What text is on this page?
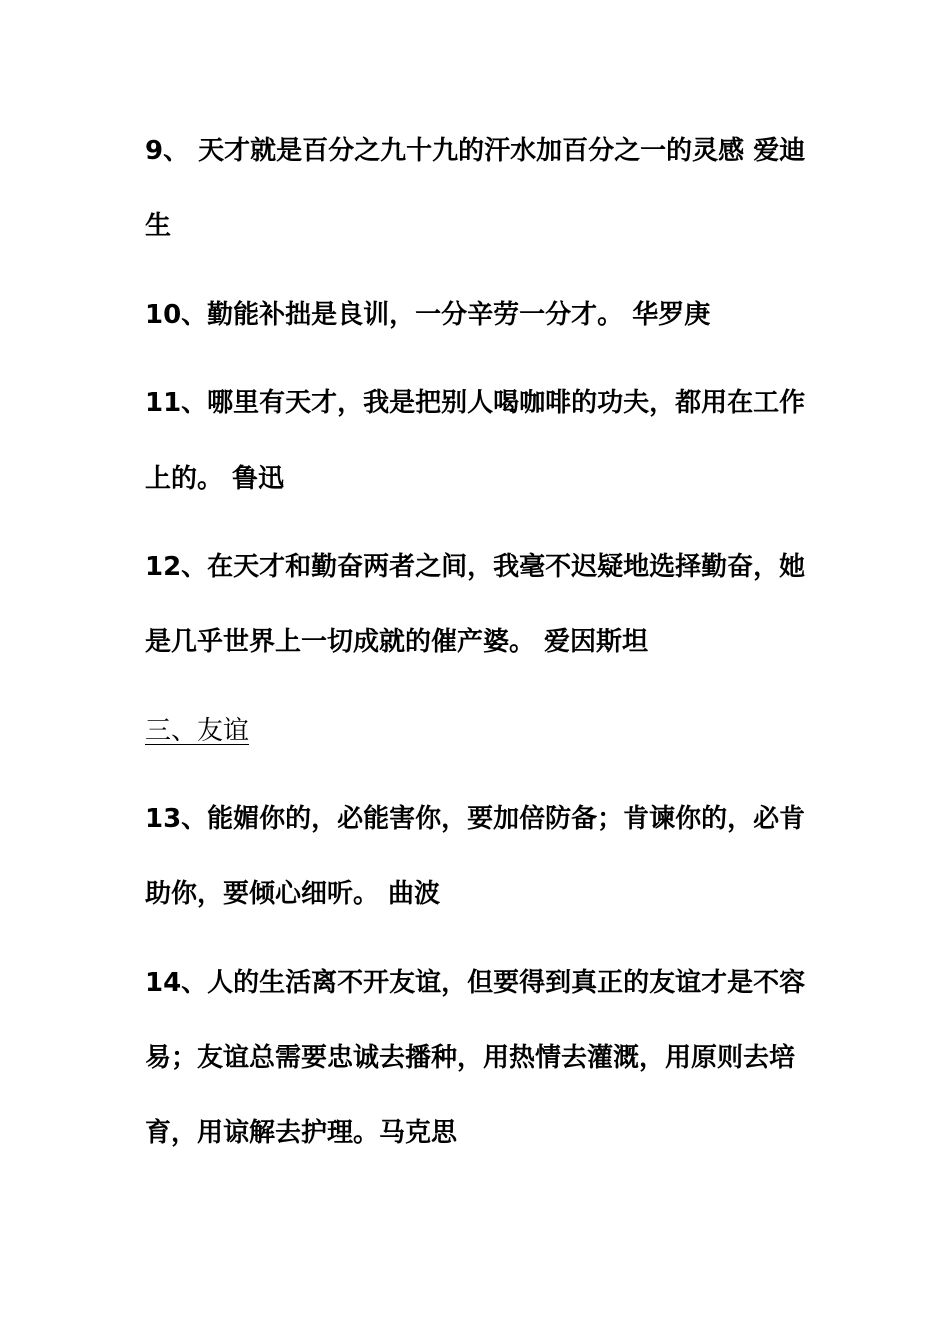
9、 天才就是百分之九十九的汗水加百分之一的灵感 爱迪
生
10、勤能补拙是良训，一分辛劳一分才。 华罗庚
11、哪里有天才，我是把别人喝咖啡的功夫，都用在工作
上的。 鲁迅
12、在天才和勤奋两者之间，我毫不迟疑地选择勤奋，她
是几乎世界上一切成就的催产婆。 爱因斯坦
三、友谊
13、能媚你的，必能害你，要加倍防备；肯谏你的，必肯
助你，要倾心细听。 曲波
14、人的生活离不开友谊，但要得到真正的友谊才是不容
易；友谊总需要忠诚去播种，用热情去灌溉，用原则去培
育，用谅解去护理。马克思
